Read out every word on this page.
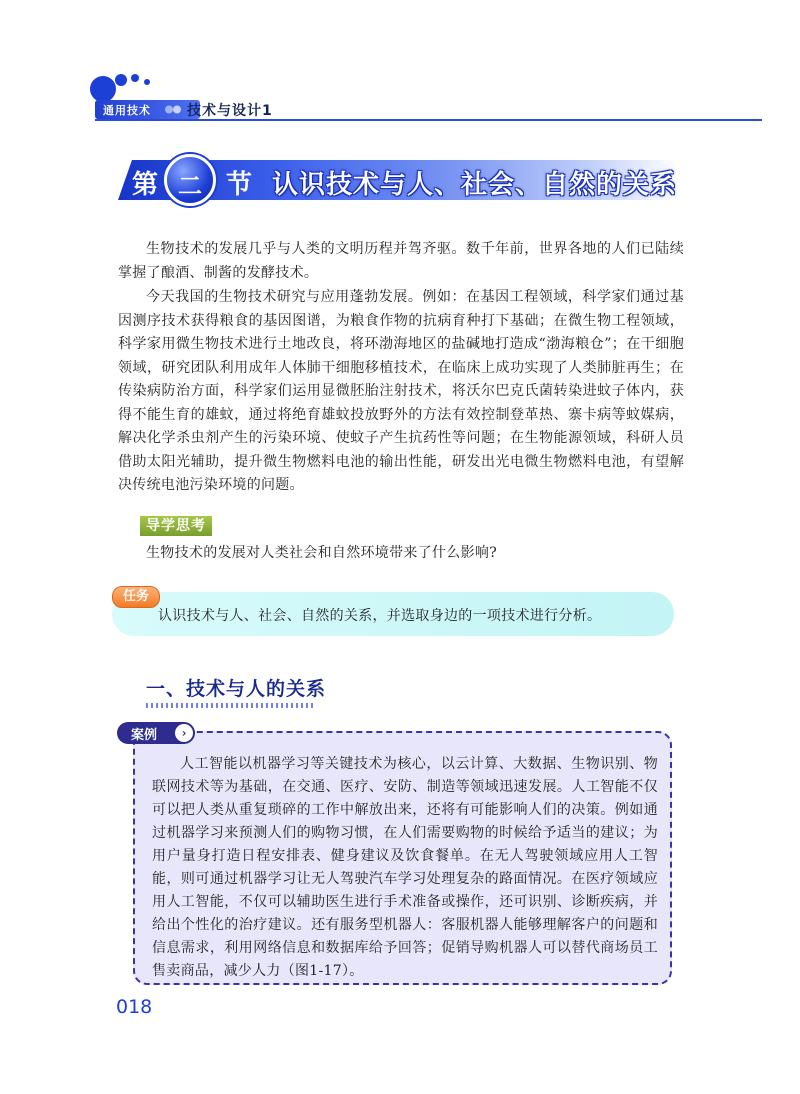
通用技术	技术与设计1
第 二 节 认识技术与人、社会、自然的关系

生物技术的发展几乎与人类的文明历程并驾齐驱。数千年前，世界各地的人们已陆续掌握了酿酒、制酱的发酵技术。

今天我国的生物技术研究与应用蓬勃发展。例如：在基因工程领域，科学家们通过基因测序技术获得粮食的基因图谱，为粮食作物的抗病育种打下基础；在微生物工程领域，科学家用微生物技术进行土地改良，将环渤海地区的盐碱地打造成“渤海粮仓”；在干细胞领域，研究团队利用成年人体肺干细胞移植技术，在临床上成功实现了人类肺脏再生；在传染病防治方面，科学家们运用显微胚胎注射技术，将沃尔巴克氏菌转染进蚊子体内，获得不能生育的雄蚊，通过将绝育雄蚊投放野外的方法有效控制登革热、寨卡病等蚊媒病，解决化学杀虫剂产生的污染环境、使蚊子产生抗药性等问题；在生物能源领域，科研人员借助太阳光辅助，提升微生物燃料电池的输出性能，研发出光电微生物燃料电池，有望解决传统电池污染环境的问题。

导学思考
生物技术的发展对人类社会和自然环境带来了什么影响?
任务
认识技术与人、社会、自然的关系，并选取身边的一项技术进行分析。
一、技术与人的关系
案例	›

人工智能以机器学习等关键技术为核心，以云计算、大数据、生物识别、物联网技术等为基础，在交通、医疗、安防、制造等领域迅速发展。人工智能不仅可以把人类从重复琐碎的工作中解放出来，还将有可能影响人们的决策。例如通过机器学习来预测人们的购物习惯，在人们需要购物的时候给予适当的建议；为用户量身打造日程安排表、健身建议及饮食餐单。在无人驾驶领域应用人工智能，则可通过机器学习让无人驾驶汽车学习处理复杂的路面情况。在医疗领域应用人工智能，不仅可以辅助医生进行手术准备或操作，还可识别、诊断疾病，并给出个性化的治疗建议。还有服务型机器人：客服机器人能够理解客户的问题和信息需求，利用网络信息和数据库给予回答；促销导购机器人可以替代商场员工售卖商品，减少人力（图1-17）。

018
